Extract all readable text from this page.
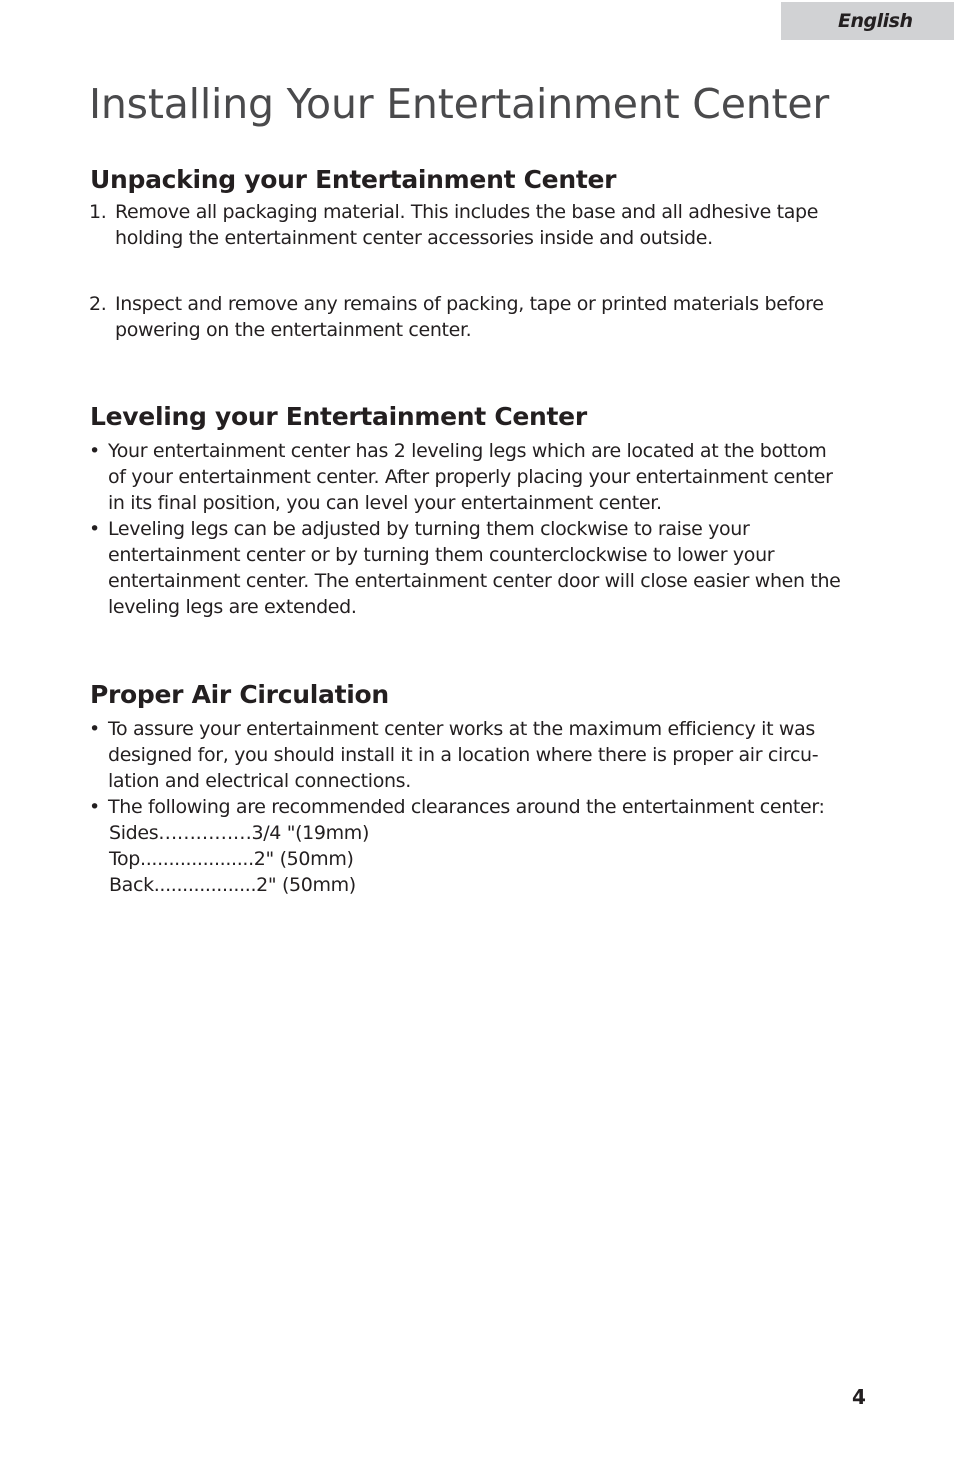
English
Installing Your Entertainment Center
Unpacking your Entertainment Center
1. Remove all packaging material. This includes the base and all adhesive tape
holding the entertainment center accessories inside and outside.
2. Inspect and remove any remains of packing, tape or printed materials before
powering on the entertainment center.
Leveling your Entertainment Center
• Your entertainment center has 2 leveling legs which are located at the bottom
of your entertainment center. After properly placing your entertainment center
in its final position, you can level your entertainment center.
• Leveling legs can be adjusted by turning them clockwise to raise your
entertainment center or by turning them counterclockwise to lower your
entertainment center. The entertainment center door will close easier when the
leveling legs are extended.
Proper Air Circulation
• To assure your entertainment center works at the maximum efficiency it was
designed for, you should install it in a location where there is proper air circu-
lation and electrical connections.
• The following are recommended clearances around the entertainment center:
Sides……………3/4 "(19mm)
Top....................2" (50mm)
Back..................2" (50mm)
4
